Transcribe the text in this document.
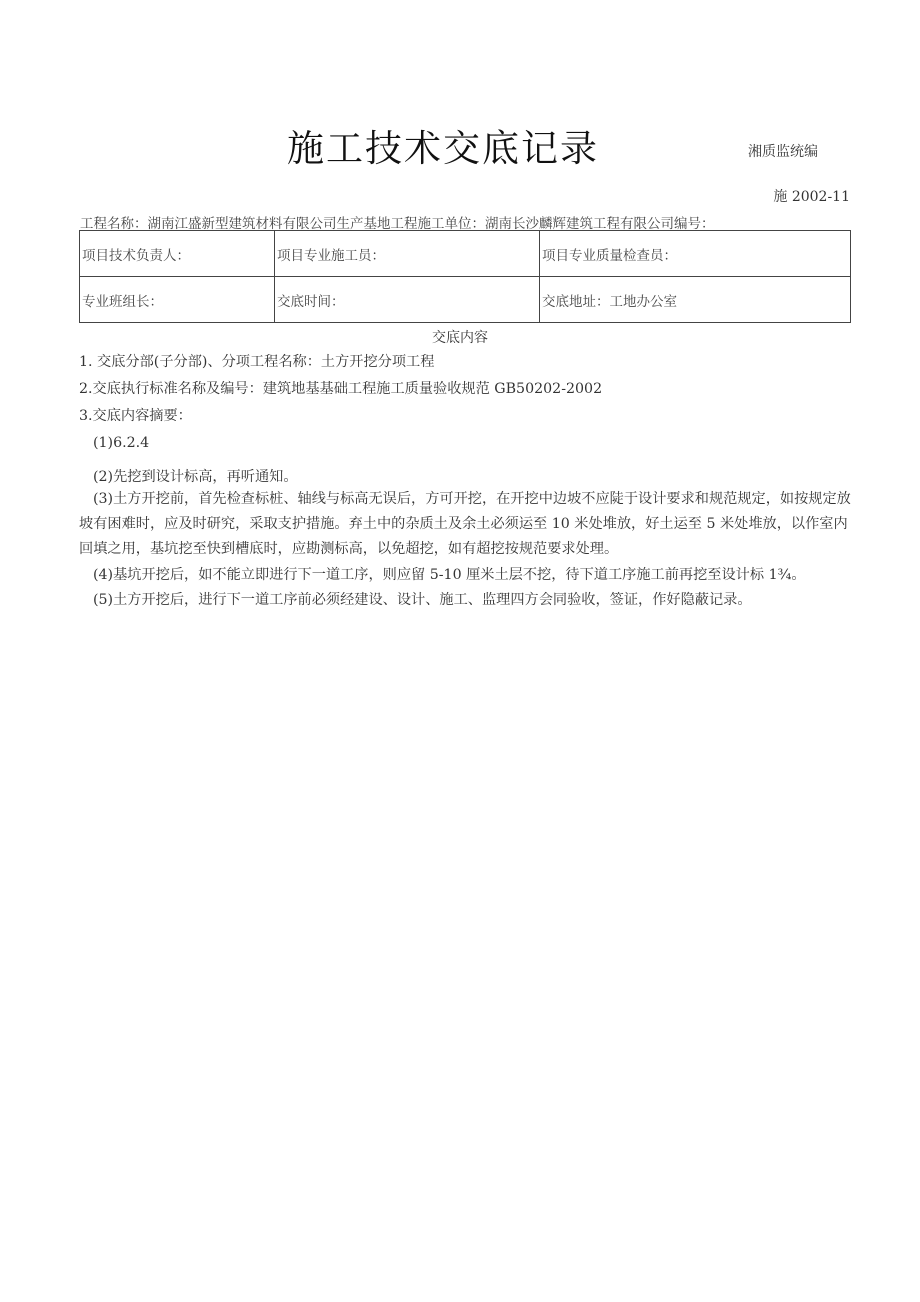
施工技术交底记录	湘质监统编
施 2002-11
工程名称：湖南江盛新型建筑材料有限公司生产基地工程施工单位：湖南长沙麟辉建筑工程有限公司编号：
项目技术负责人：	项目专业施工员：	项目专业质量检查员：
专业班组长：	交底时间：	交底地址：工地办公室
交底内容
1. 交底分部(子分部)、分项工程名称：土方开挖分项工程
2.交底执行标准名称及编号：建筑地基基础工程施工质量验收规范 GB50202-2002
3.交底内容摘要：
(1)6.2.4
(2)先挖到设计标高，再听通知。
(3)土方开挖前，首先检查标桩、轴线与标高无误后，方可开挖，在开挖中边坡不应陡于设计要求和规范规定，如按规定放坡有困难时，应及时研究，采取支护措施。弃土中的杂质土及余土必须运至 10 米处堆放，好土运至 5 米处堆放，以作室内回填之用，基坑挖至快到槽底时，应勘测标高，以免超挖，如有超挖按规范要求处理。
(4)基坑开挖后，如不能立即进行下一道工序，则应留 5-10 厘米土层不挖，待下道工序施工前再挖至设计标 1¾。
(5)土方开挖后，进行下一道工序前必须经建设、设计、施工、监理四方会同验收，签证，作好隐蔽记录。
